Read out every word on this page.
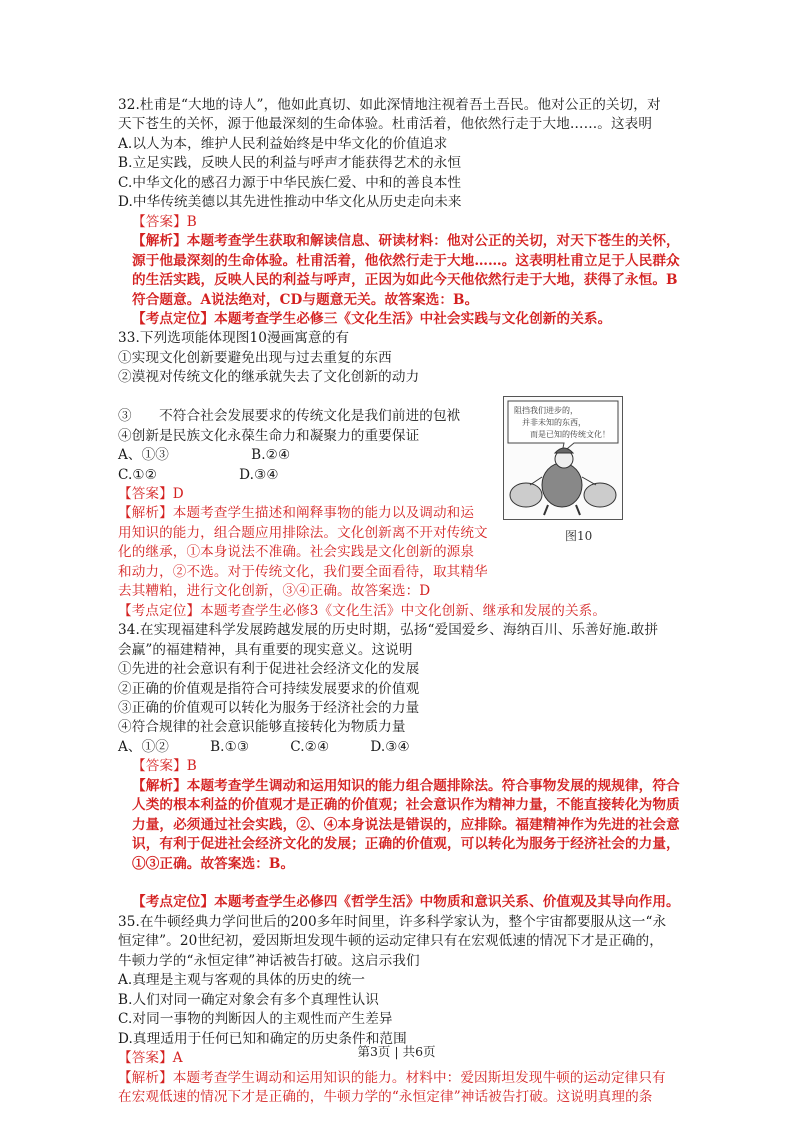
32.杜甫是“大地的诗人”，他如此真切、如此深情地注视着吾土吾民。他对公正的关切，对
天下苍生的关怀，源于他最深刻的生命体验。杜甫活着，他依然行走于大地……。这表明
A.以人为本，维护人民利益始终是中华文化的价值追求
B.立足实践，反映人民的利益与呼声才能获得艺术的永恒
C.中华文化的感召力源于中华民族仁爱、中和的善良本性
D.中华传统美德以其先进性推动中华文化从历史走向未来
【答案】B
【解析】本题考查学生获取和解读信息、研读材料：他对公正的关切，对天下苍生的关怀，
源于他最深刻的生命体验。杜甫活着，他依然行走于大地……。这表明杜甫立足于人民群众
的生活实践，反映人民的利益与呼声，正因为如此今天他依然行走于大地，获得了永恒。B
符合题意。A说法绝对，CD与题意无关。故答案选：B。
【考点定位】本题考查学生必修三《文化生活》中社会实践与文化创新的关系。
33.下列选项能体现图10漫画寓意的有
①实现文化创新要避免出现与过去重复的东西
②漠视对传统文化的继承就失去了文化创新的动力
③　　不符合社会发展要求的传统文化是我们前进的包袱
④创新是民族文化永葆生命力和凝聚力的重要保证
A、①③　　　　　　B.②④
C.①②　　　　　　D.③④
【答案】D
【解析】本题考查学生描述和阐释事物的能力以及调动和运
用知识的能力，组合题应用排除法。文化创新离不开对传统文
化的继承，①本身说法不准确。社会实践是文化创新的源泉
和动力，②不选。对于传统文化，我们要全面看待，取其精华
去其糟粕，进行文化创新，③④正确。故答案选：D
【考点定位】本题考查学生必修3《文化生活》中文化创新、继承和发展的关系。
34.在实现福建科学发展跨越发展的历史时期，弘扬“爱国爱乡、海纳百川、乐善好施.敢拼
会赢”的福建精神，具有重要的现实意义。这说明
①先进的社会意识有利于促进社会经济文化的发展
②正确的价值观是指符合可持续发展要求的价值观
③正确的价值观可以转化为服务于经济社会的力量
④符合规律的社会意识能够直接转化为物质力量
A、①②　　　B.①③　　　C.②④　　　D.③④
【答案】B
【解析】本题考查学生调动和运用知识的能力组合题排除法。符合事物发展的规规律，符合
人类的根本利益的价值观才是正确的价值观；社会意识作为精神力量，不能直接转化为物质
力量，必须通过社会实践，②、④本身说法是错误的，应排除。福建精神作为先进的社会意
识，有利于促进社会经济文化的发展；正确的价值观，可以转化为服务于经济社会的力量，
①③正确。故答案选：B。
【考点定位】本题考查学生必修四《哲学生活》中物质和意识关系、价值观及其导向作用。
35.在牛顿经典力学问世后的200多年时间里，许多科学家认为，整个宇宙都要服从这一“永
恒定律”。20世纪初，爱因斯坦发现牛顿的运动定律只有在宏观低速的情况下才是正确的，
牛顿力学的“永恒定律”神话被告打破。这启示我们
A.真理是主观与客观的具体的历史的统一
B.人们对同一确定对象会有多个真理性认识
C.对同一事物的判断因人的主观性而产生差异
D.真理适用于任何已知和确定的历史条件和范围
【答案】A
【解析】本题考查学生调动和运用知识的能力。材料中：爱因斯坦发现牛顿的运动定律只有
在宏观低速的情况下才是正确的，牛顿力学的“永恒定律”神话被告打破。这说明真理的条
阻挡我们进步的，
并非未知的东西，
而是已知的传统文化！
图10
第3页 | 共6页
